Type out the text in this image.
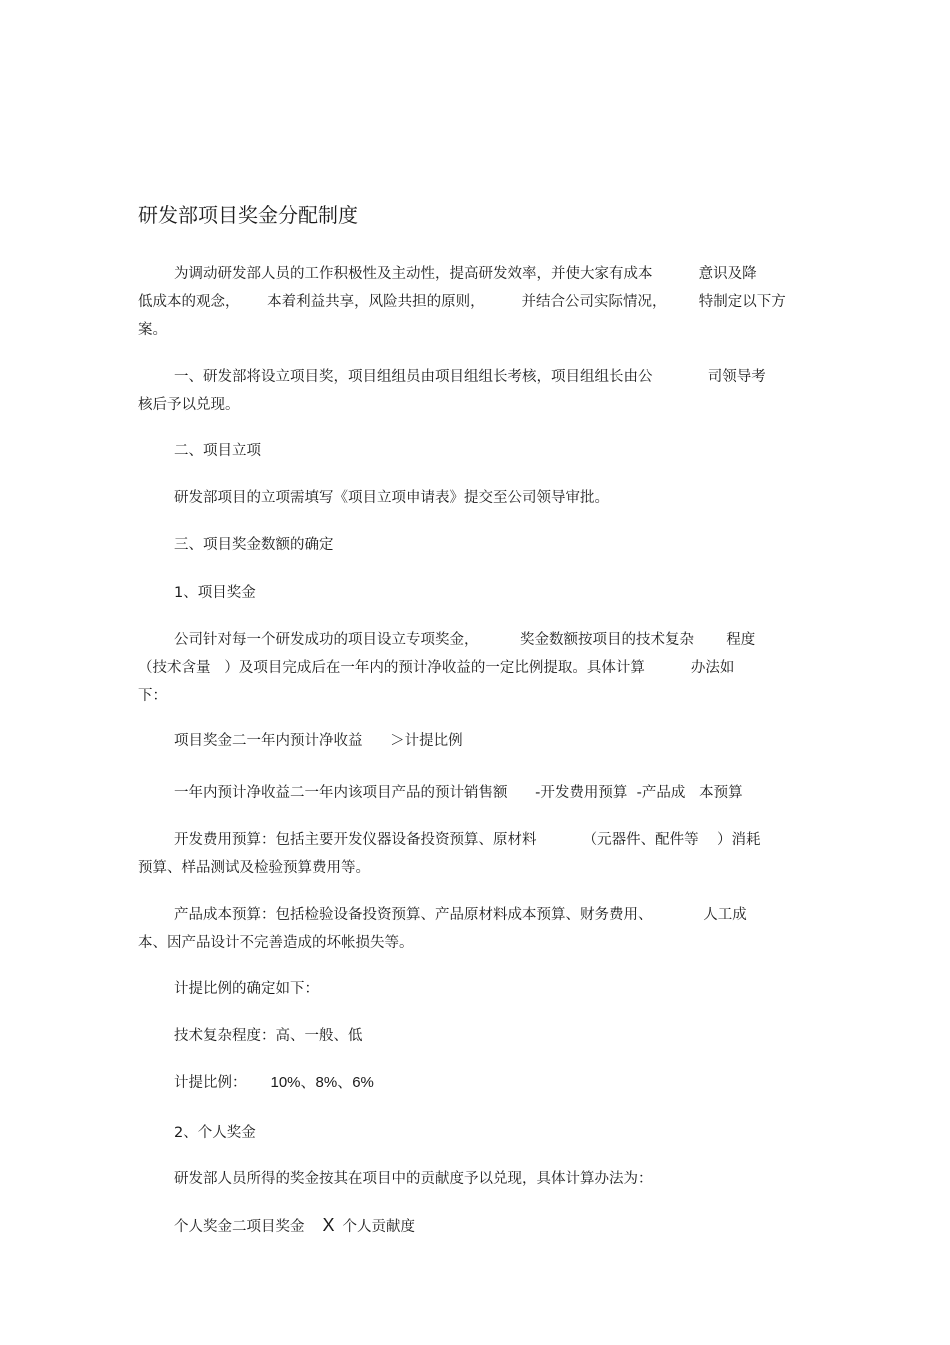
研发部项目奖金分配制度
为调动研发部人员的工作积极性及主动性，提高研发效率，并使大家有成本          意识及降
低成本的观念，      本着利益共享，风险共担的原则，        并结合公司实际情况，       特制定以下方
案。
一、研发部将设立项目奖，项目组组员由项目组组长考核，项目组组长由公            司领导考
核后予以兑现。
二、项目立项
研发部项目的立项需填写《项目立项申请表》提交至公司领导审批。
三、项目奖金数额的确定
1、项目奖金
公司针对每一个研发成功的项目设立专项奖金，         奖金数额按项目的技术复杂       程度
（技术含量   ）及项目完成后在一年内的预计净收益的一定比例提取。具体计算          办法如
下：
项目奖金二一年内预计净收益      ＞计提比例
一年内预计净收益二一年内该项目产品的预计销售额      -开发费用预算  -产品成   本预算
开发费用预算：包括主要开发仪器设备投资预算、原材料          （元器件、配件等    ）消耗
预算、样品测试及检验预算费用等。
产品成本预算：包括检验设备投资预算、产品原材料成本预算、财务费用、           人工成
本、因产品设计不完善造成的坏帐损失等。
计提比例的确定如下：
技术复杂程度：高、一般、低
计提比例： 10%、8%、6%
2、个人奖金
研发部人员所得的奖金按其在项目中的贡献度予以兑现，具体计算办法为：
个人奖金二项目奖金 X 个人贡献度
